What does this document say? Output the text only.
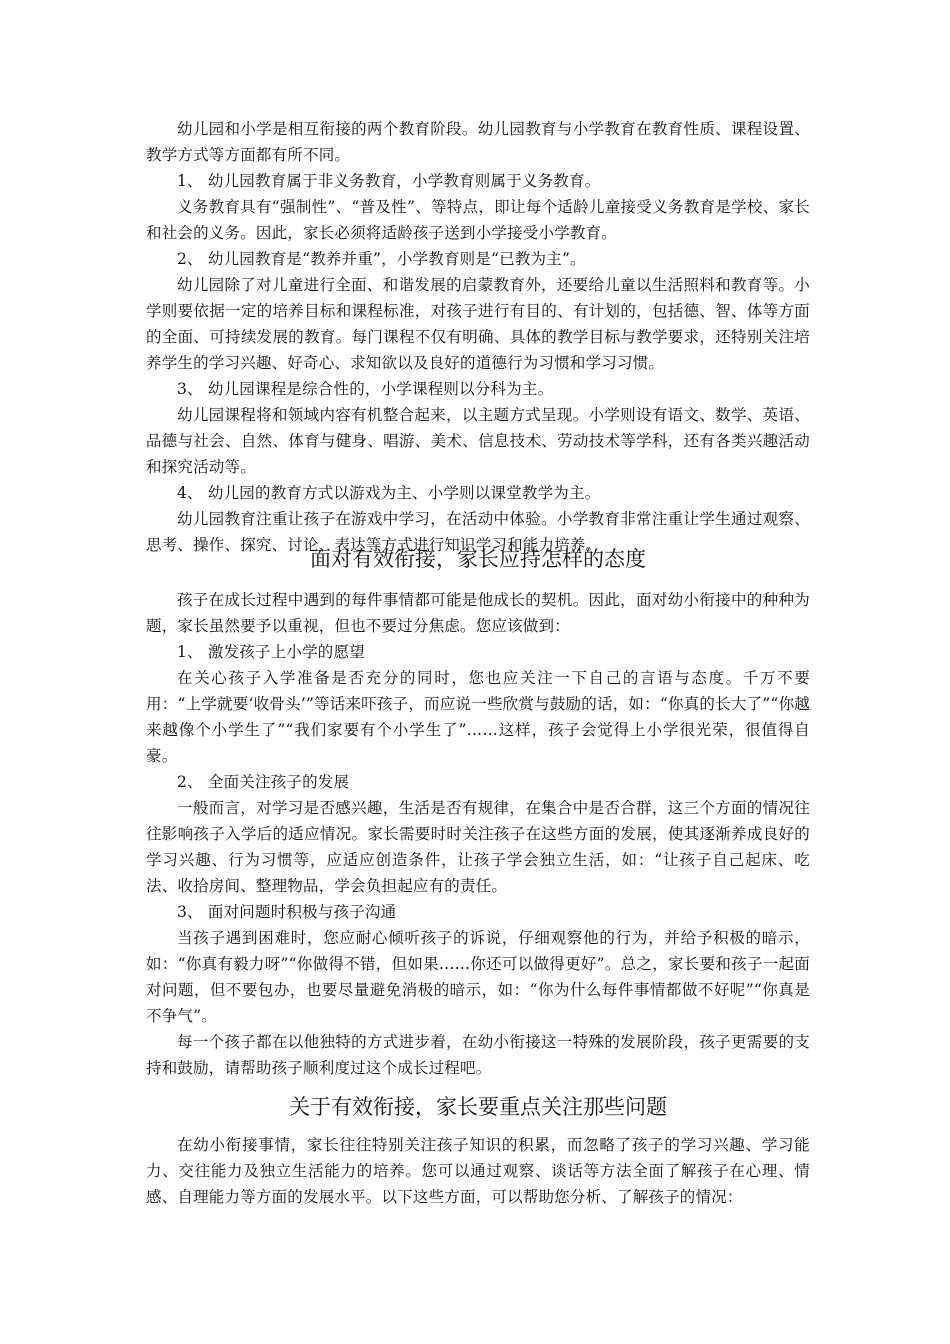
幼儿园和小学是相互衔接的两个教育阶段。幼儿园教育与小学教育在教育性质、课程设置、教学方式等方面都有所不同。

1、 幼儿园教育属于非义务教育，小学教育则属于义务教育。

义务教育具有“强制性”、“普及性”、等特点，即让每个适龄儿童接受义务教育是学校、家长和社会的义务。因此，家长必须将适龄孩子送到小学接受小学教育。

2、 幼儿园教育是“教养并重”，小学教育则是“已教为主”。

幼儿园除了对儿童进行全面、和谐发展的启蒙教育外，还要给儿童以生活照料和教育等。小学则要依据一定的培养目标和课程标准，对孩子进行有目的、有计划的，包括德、智、体等方面的全面、可持续发展的教育。每门课程不仅有明确、具体的教学目标与教学要求，还特别关注培养学生的学习兴趣、好奇心、求知欲以及良好的道德行为习惯和学习习惯。

3、 幼儿园课程是综合性的，小学课程则以分科为主。

幼儿园课程将和领域内容有机整合起来，以主题方式呈现。小学则设有语文、数学、英语、品德与社会、自然、体育与健身、唱游、美术、信息技术、劳动技术等学科，还有各类兴趣活动和探究活动等。

4、 幼儿园的教育方式以游戏为主、小学则以课堂教学为主。

幼儿园教育注重让孩子在游戏中学习，在活动中体验。小学教育非常注重让学生通过观察、思考、操作、探究、讨论、表达等方式进行知识学习和能力培养。

面对有效衔接，家长应持怎样的态度

孩子在成长过程中遇到的每件事情都可能是他成长的契机。因此，面对幼小衔接中的种种为题，家长虽然要予以重视，但也不要过分焦虑。您应该做到：

1、 激发孩子上小学的愿望

在关心孩子入学准备是否充分的同时，您也应关注一下自己的言语与态度。千万不要用：“上学就要‘收骨头’”等话来吓孩子，而应说一些欣赏与鼓励的话，如：“你真的长大了”“你越来越像个小学生了”“我们家要有个小学生了”……这样，孩子会觉得上小学很光荣，很值得自豪。

2、 全面关注孩子的发展

一般而言，对学习是否感兴趣，生活是否有规律，在集合中是否合群，这三个方面的情况往往影响孩子入学后的适应情况。家长需要时时关注孩子在这些方面的发展，使其逐渐养成良好的学习兴趣、行为习惯等，应适应创造条件，让孩子学会独立生活，如：“让孩子自己起床、吃法、收拾房间、整理物品，学会负担起应有的责任。

3、 面对问题时积极与孩子沟通

当孩子遇到困难时，您应耐心倾听孩子的诉说，仔细观察他的行为，并给予积极的暗示，如：“你真有毅力呀”“你做得不错，但如果……你还可以做得更好”。总之，家长要和孩子一起面对问题，但不要包办，也要尽量避免消极的暗示，如：“你为什么每件事情都做不好呢”“你真是不争气”。

每一个孩子都在以他独特的方式进步着，在幼小衔接这一特殊的发展阶段，孩子更需要的支持和鼓励，请帮助孩子顺利度过这个成长过程吧。

关于有效衔接，家长要重点关注那些问题

在幼小衔接事情，家长往往特别关注孩子知识的积累，而忽略了孩子的学习兴趣、学习能力、交往能力及独立生活能力的培养。您可以通过观察、谈话等方法全面了解孩子在心理、情感、自理能力等方面的发展水平。以下这些方面，可以帮助您分析、了解孩子的情况：
